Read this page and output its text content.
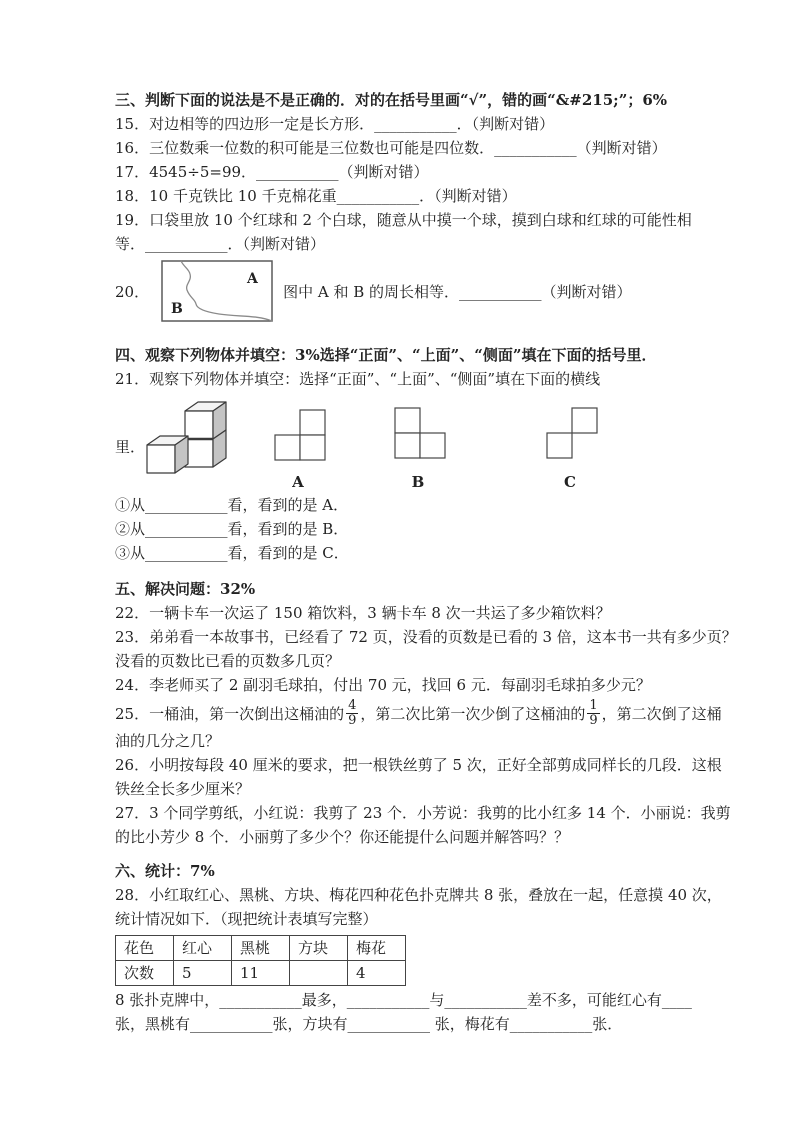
三、判断下面的说法是不是正确的．对的在括号里画“√”，错的画“&#215;”；6%
15．对边相等的四边形一定是长方形．___________．（判断对错）
16．三位数乘一位数的积可能是三位数也可能是四位数．___________（判断对错）
17．4545÷5=99．___________（判断对错）
18．10 千克铁比 10 千克棉花重___________．（判断对错）
19．口袋里放 10 个红球和 2 个白球，随意从中摸一个球，摸到白球和红球的可能性相
等．___________．（判断对错）
20．
A
B
图中 A 和 B 的周长相等．___________（判断对错）
四、观察下列物体并填空：3%选择“正面”、“上面”、“侧面”填在下面的括号里．
21．观察下列物体并填空：选择“正面”、“上面”、“侧面”填在下面的横线
里．
A	B	C
①从___________看，看到的是 A．
②从___________看，看到的是 B．
③从___________看，看到的是 C．
五、解决问题：32%
22．一辆卡车一次运了 150 箱饮料，3 辆卡车 8 次一共运了多少箱饮料？
23．弟弟看一本故事书，已经看了 72 页，没看的页数是已看的 3 倍，这本书一共有多少页？
没看的页数比已看的页数多几页？
24．李老师买了 2 副羽毛球拍，付出 70 元，找回 6 元．每副羽毛球拍多少元？
25．一桶油，第一次倒出这桶油的 $\frac{4}{9}$ ，第二次比第一次少倒了这桶油的 $\frac{1}{9}$ ，第二次倒了这桶
油的几分之几？
26．小明按每段 40 厘米的要求，把一根铁丝剪了 5 次，正好全部剪成同样长的几段．这根
铁丝全长多少厘米？
27．3 个同学剪纸，小红说：我剪了 23 个．小芳说：我剪的比小红多 14 个．小丽说：我剪
的比小芳少 8 个．小丽剪了多少个？你还能提什么问题并解答吗？？
六、统计：7%
28．小红取红心、黑桃、方块、梅花四种花色扑克牌共 8 张，叠放在一起，任意摸 40 次，
统计情况如下．（现把统计表填写完整）
花色	红心	黑桃	方块	梅花
次数	5	11		4
8 张扑克牌中，___________最多，___________与___________差不多，可能红心有____
张，黑桃有___________张，方块有___________ 张，梅花有___________张．
